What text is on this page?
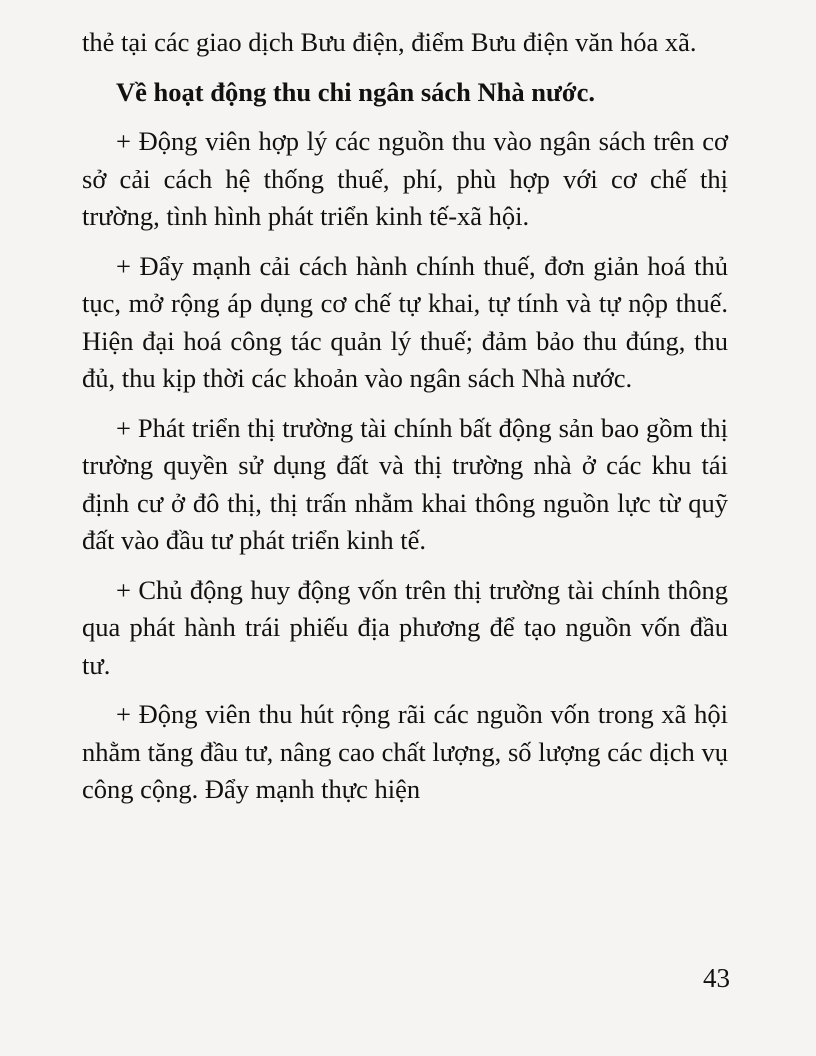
thẻ tại các giao dịch Bưu điện, điểm Bưu điện văn hóa xã.

Về hoạt động thu chi ngân sách Nhà nước.

+ Động viên hợp lý các nguồn thu vào ngân sách trên cơ sở cải cách hệ thống thuế, phí, phù hợp với cơ chế thị trường, tình hình phát triển kinh tế-xã hội.

+ Đẩy mạnh cải cách hành chính thuế, đơn giản hoá thủ tục, mở rộng áp dụng cơ chế tự khai, tự tính và tự nộp thuế. Hiện đại hoá công tác quản lý thuế; đảm bảo thu đúng, thu đủ, thu kịp thời các khoản vào ngân sách Nhà nước.

+ Phát triển thị trường tài chính bất động sản bao gồm thị trường quyền sử dụng đất và thị trường nhà ở các khu tái định cư ở đô thị, thị trấn nhằm khai thông nguồn lực từ quỹ đất vào đầu tư phát triển kinh tế.

+ Chủ động huy động vốn trên thị trường tài chính thông qua phát hành trái phiếu địa phương để tạo nguồn vốn đầu tư.

+ Động viên thu hút rộng rãi các nguồn vốn trong xã hội nhằm tăng đầu tư, nâng cao chất lượng, số lượng các dịch vụ công cộng. Đẩy mạnh thực hiện

43
